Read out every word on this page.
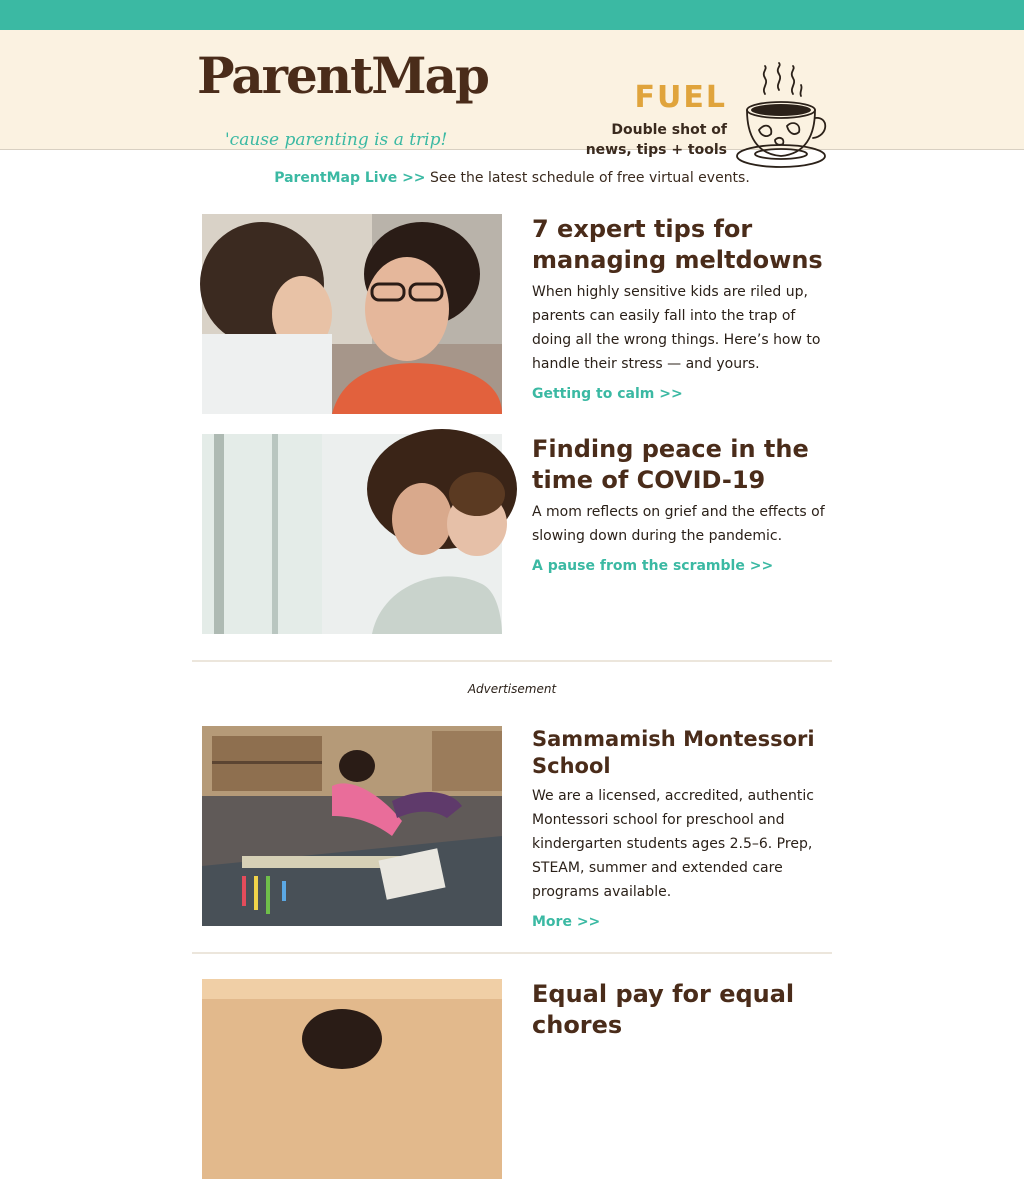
ParentMap
'cause parenting is a trip!
FUEL
Double shot of
news, tips + tools
ParentMap Live >> See the latest schedule of free virtual events.
7 expert tips for managing meltdowns

When highly sensitive kids are riled up, parents can easily fall into the trap of doing all the wrong things. Here’s how to handle their stress — and yours.

Getting to calm >>
Finding peace in the time of COVID-19

A mom reflects on grief and the effects of slowing down during the pandemic.

A pause from the scramble >>
Advertisement
Sammamish Montessori School

We are a licensed, accredited, authentic Montessori school for preschool and kindergarten students ages 2.5–6. Prep, STEAM, summer and extended care programs available.

More >>
Equal pay for equal chores
